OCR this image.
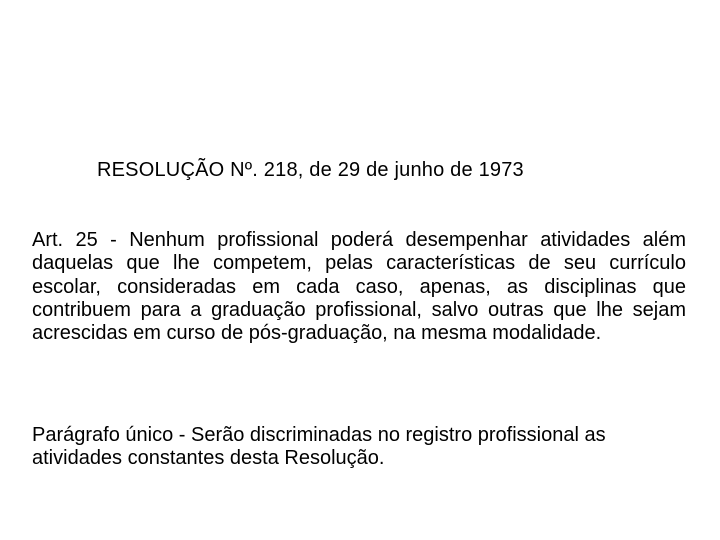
RESOLUÇÃO Nº. 218, de 29 de junho de 1973

Art. 25 - Nenhum profissional poderá desempenhar atividades além daquelas que lhe competem, pelas características de seu currículo escolar, consideradas em cada caso, apenas, as disciplinas que contribuem para a graduação profissional, salvo outras que lhe sejam acrescidas em curso de pós-graduação, na mesma modalidade.

Parágrafo único - Serão discriminadas no registro profissional as atividades constantes desta Resolução.
